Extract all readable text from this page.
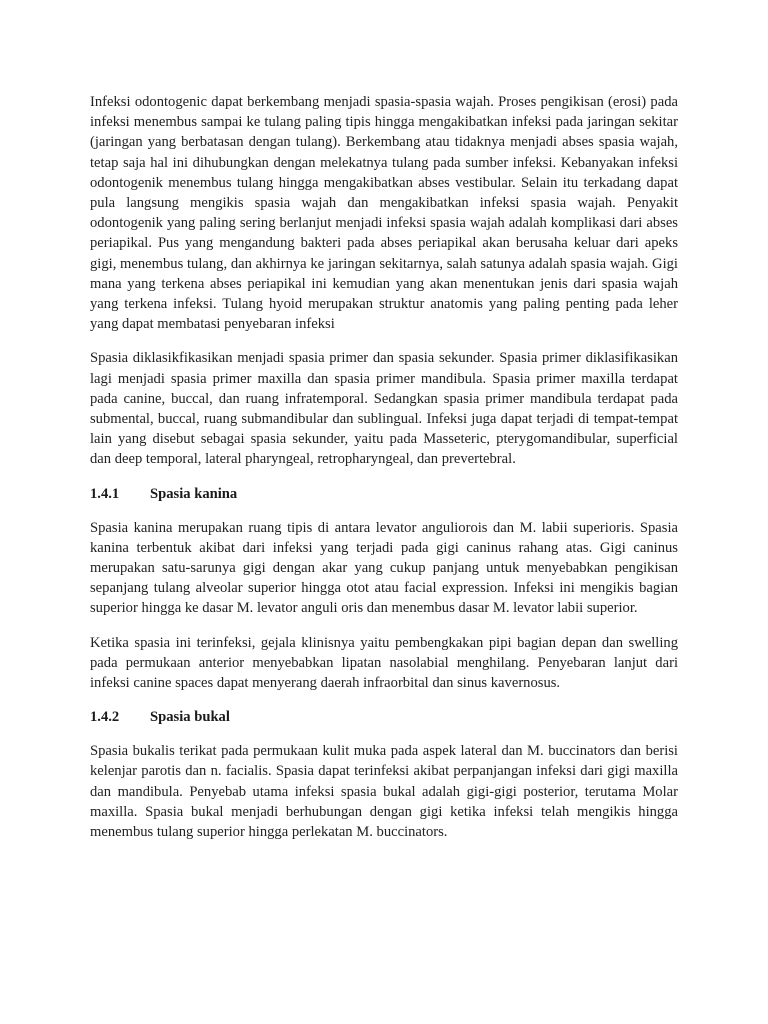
Infeksi odontogenic dapat berkembang menjadi spasia-spasia wajah. Proses pengikisan (erosi) pada infeksi menembus sampai ke tulang paling tipis hingga mengakibatkan infeksi pada jaringan sekitar (jaringan yang berbatasan dengan tulang). Berkembang atau tidaknya menjadi abses spasia wajah, tetap saja hal ini dihubungkan dengan melekatnya tulang pada sumber infeksi. Kebanyakan infeksi odontogenik menembus tulang hingga mengakibatkan abses vestibular. Selain itu terkadang dapat pula langsung mengikis spasia wajah dan mengakibatkan infeksi spasia wajah. Penyakit odontogenik yang paling sering berlanjut menjadi infeksi spasia wajah adalah komplikasi dari abses periapikal. Pus yang mengandung bakteri pada abses periapikal akan berusaha keluar dari apeks gigi, menembus tulang, dan akhirnya ke jaringan sekitarnya, salah satunya adalah spasia wajah. Gigi mana yang terkena abses periapikal ini kemudian yang akan menentukan jenis dari spasia wajah yang terkena infeksi. Tulang hyoid merupakan struktur anatomis yang paling penting pada leher yang dapat membatasi penyebaran infeksi

Spasia diklasikfikasikan menjadi spasia primer dan spasia sekunder. Spasia primer diklasifikasikan lagi menjadi spasia primer maxilla dan spasia primer mandibula. Spasia primer maxilla terdapat pada canine, buccal, dan ruang infratemporal. Sedangkan spasia primer mandibula terdapat pada submental, buccal, ruang submandibular dan sublingual. Infeksi juga dapat terjadi di tempat-tempat lain yang disebut sebagai spasia sekunder, yaitu pada Masseteric, pterygomandibular, superficial dan deep temporal, lateral pharyngeal, retropharyngeal, dan prevertebral.

1.4.1	Spasia kanina

Spasia kanina merupakan ruang tipis di antara levator anguliorois dan M. labii superioris. Spasia kanina terbentuk akibat dari infeksi yang terjadi pada gigi caninus rahang atas. Gigi caninus merupakan satu-sarunya gigi dengan akar yang cukup panjang untuk menyebabkan pengikisan sepanjang tulang alveolar superior hingga otot atau facial expression. Infeksi ini mengikis bagian superior hingga ke dasar M. levator anguli oris dan menembus dasar M. levator labii superior.

Ketika spasia ini terinfeksi, gejala klinisnya yaitu pembengkakan pipi bagian depan dan swelling pada permukaan anterior menyebabkan lipatan nasolabial menghilang. Penyebaran lanjut dari infeksi canine spaces dapat menyerang daerah infraorbital dan sinus kavernosus.

1.4.2	Spasia bukal

Spasia bukalis terikat pada permukaan kulit muka pada aspek lateral dan M. buccinators dan berisi kelenjar parotis dan n. facialis. Spasia dapat terinfeksi akibat perpanjangan infeksi dari gigi maxilla dan mandibula. Penyebab utama infeksi spasia bukal adalah gigi-gigi posterior, terutama Molar maxilla. Spasia bukal menjadi berhubungan dengan gigi ketika infeksi telah mengikis hingga menembus tulang superior hingga perlekatan M. buccinators.
